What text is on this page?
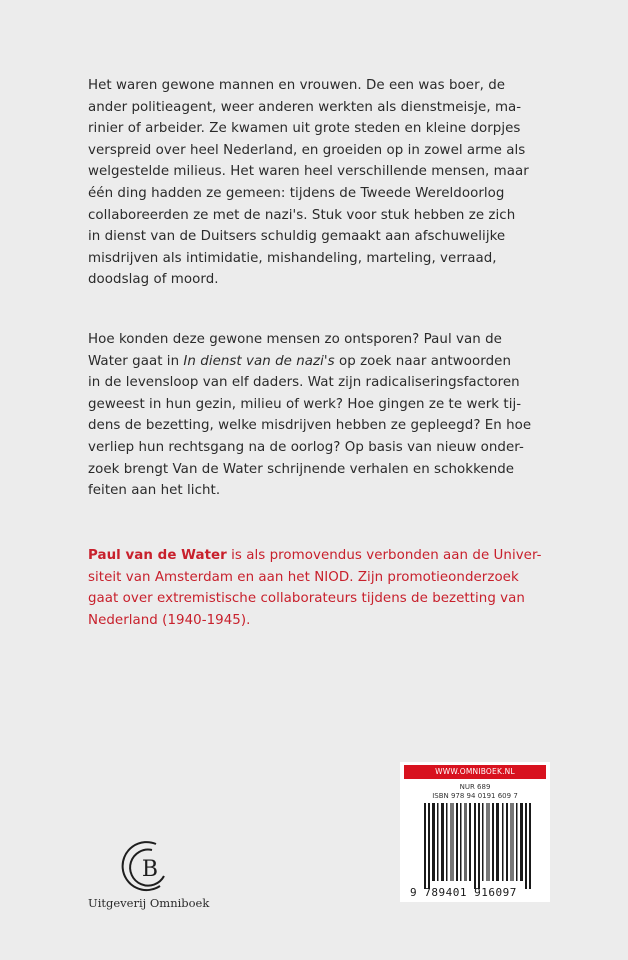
Het waren gewone mannen en vrouwen. De een was boer, de
ander politieagent, weer anderen werkten als dienstmeisje, ma-
rinier of arbeider. Ze kwamen uit grote steden en kleine dorpjes
verspreid over heel Nederland, en groeiden op in zowel arme als
welgestelde milieus. Het waren heel verschillende mensen, maar
één ding hadden ze gemeen: tijdens de Tweede Wereldoorlog
collaboreerden ze met de nazi's. Stuk voor stuk hebben ze zich
in dienst van de Duitsers schuldig gemaakt aan afschuwelijke
misdrijven als intimidatie, mishandeling, marteling, verraad,
doodslag of moord.
Hoe konden deze gewone mensen zo ontsporen? Paul van de
Water gaat in In dienst van de nazi's op zoek naar antwoorden
in de levensloop van elf daders. Wat zijn radicaliseringsfactoren
geweest in hun gezin, milieu of werk? Hoe gingen ze te werk tij-
dens de bezetting, welke misdrijven hebben ze gepleegd? En hoe
verliep hun rechtsgang na de oorlog? Op basis van nieuw onder-
zoek brengt Van de Water schrijnende verhalen en schokkende
feiten aan het licht.
Paul van de Water is als promovendus verbonden aan de Univer-
siteit van Amsterdam en aan het NIOD. Zijn promotieonderzoek
gaat over extremistische collaborateurs tijdens de bezetting van
Nederland (1940-1945).
B
Uitgeverij Omniboek
WWW.OMNIBOEK.NL
NUR 689
ISBN 978 94 0191 609 7
9 789401 916097
